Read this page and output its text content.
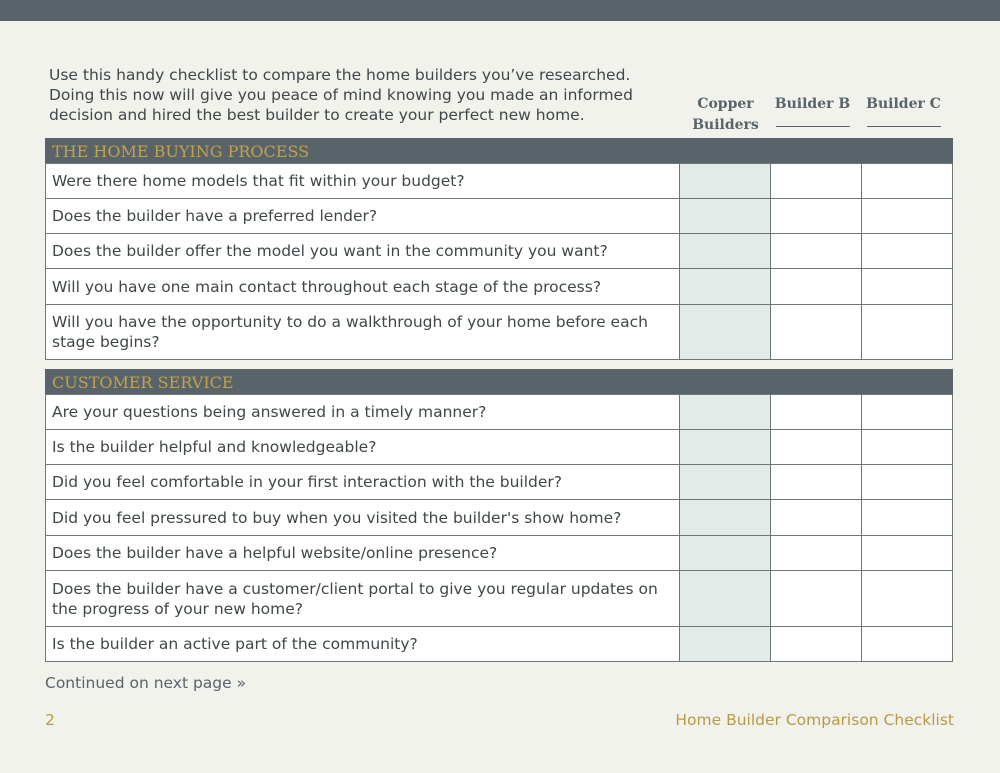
Use this handy checklist to compare the home builders you’ve researched.
Doing this now will give you peace of mind knowing you made an informed
decision and hired the best builder to create your perfect new home.
Copper
Builders
Builder B	Builder C
THE HOME BUYING PROCESS
Were there home models that fit within your budget?
Does the builder have a preferred lender?
Does the builder offer the model you want in the community you want?
Will you have one main contact throughout each stage of the process?
Will you have the opportunity to do a walkthrough of your home before each stage begins?
CUSTOMER SERVICE
Are your questions being answered in a timely manner?
Is the builder helpful and knowledgeable?
Did you feel comfortable in your first interaction with the builder?
Did you feel pressured to buy when you visited the builder's show home?
Does the builder have a helpful website/online presence?
Does the builder have a customer/client portal to give you regular updates on the progress of your new home?
Is the builder an active part of the community?
Continued on next page »
2	Home Builder Comparison Checklist
